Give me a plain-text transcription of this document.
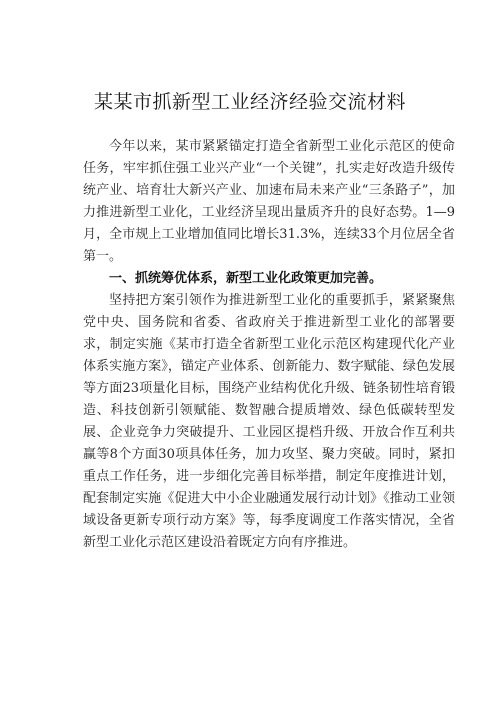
某某市抓新型工业经济经验交流材料

今年以来，某市紧紧锚定打造全省新型工业化示范区的使命任务，牢牢抓住强工业兴产业“一个关键”，扎实走好改造升级传统产业、培育壮大新兴产业、加速布局未来产业“三条路子”，加力推进新型工业化，工业经济呈现出量质齐升的良好态势。1—9月，全市规上工业增加值同比增长31.3%，连续33个月位居全省第一。

一、抓统筹优体系，新型工业化政策更加完善。

坚持把方案引领作为推进新型工业化的重要抓手，紧紧聚焦党中央、国务院和省委、省政府关于推进新型工业化的部署要求，制定实施《某市打造全省新型工业化示范区构建现代化产业体系实施方案》，锚定产业体系、创新能力、数字赋能、绿色发展等方面23项量化目标，围绕产业结构优化升级、链条韧性培育锻造、科技创新引领赋能、数智融合提质增效、绿色低碳转型发展、企业竞争力突破提升、工业园区提档升级、开放合作互利共赢等8个方面30项具体任务，加力攻坚、聚力突破。同时，紧扣重点工作任务，进一步细化完善目标举措，制定年度推进计划，配套制定实施《促进大中小企业融通发展行动计划》《推动工业领域设备更新专项行动方案》等，每季度调度工作落实情况，全省新型工业化示范区建设沿着既定方向有序推进。
